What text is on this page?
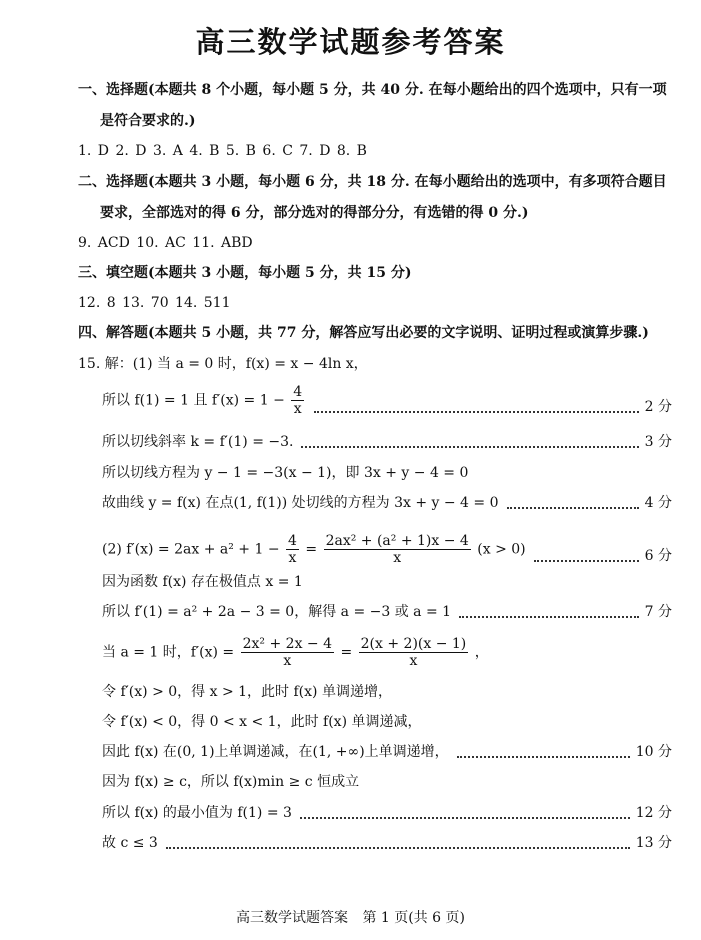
高三数学试题参考答案
一、选择题(本题共 8 个小题，每小题 5 分，共 40 分. 在每小题给出的四个选项中，只有一项
是符合要求的.)
1. D 2. D 3. A 4. B 5. B 6. C 7. D 8. B
二、选择题(本题共 3 小题，每小题 6 分，共 18 分. 在每小题给出的选项中，有多项符合题目
要求，全部选对的得 6 分，部分选对的得部分分，有选错的得 0 分.)
9. ACD 10. AC 11. ABD
三、填空题(本题共 3 小题，每小题 5 分，共 15 分)
12. 8 13. 70 14. 511
四、解答题(本题共 5 小题，共 77 分，解答应写出必要的文字说明、证明过程或演算步骤.)
15. 解：(1) 当 a = 0 时，f(x) = x − 4ln x，
所以 f(1) = 1 且 $f'(x) = 1 - \frac{4}{x}$	2 分
所以切线斜率 k = f′(1) = −3.	3 分
所以切线方程为 y − 1 = −3(x − 1)，即 3x + y − 4 = 0
故曲线 y = f(x) 在点(1, f(1)) 处切线的方程为 3x + y − 4 = 0	4 分
(2) $f'(x) = 2ax + a^2 + 1 - \frac{4}{x} = \frac{\text{2ax² + (a² + 1)x − 4}}{x} (x > 0)$	6 分
因为函数 f(x) 存在极值点 x = 1
所以 f′(1) = a² + 2a − 3 = 0，解得 a = −3 或 a = 1	7 分
当 a = 1 时，$f'(x) = \frac{\text{2x² + 2x − 4}}{x} = \frac{2(x + 2)(x - 1)}{x}$ ，
令 f′(x) > 0，得 x > 1，此时 f(x) 单调递增，
令 f′(x) < 0，得 0 < x < 1，此时 f(x) 单调递减，
因此 f(x) 在(0, 1)上单调递减，在(1, +∞)上单调递增，	10 分
因为 f(x) ≥ c，所以 f(x)min ≥ c 恒成立
所以 f(x) 的最小值为 f(1) = 3	12 分
故 c ≤ 3	13 分
高三数学试题答案 第 1 页(共 6 页)
